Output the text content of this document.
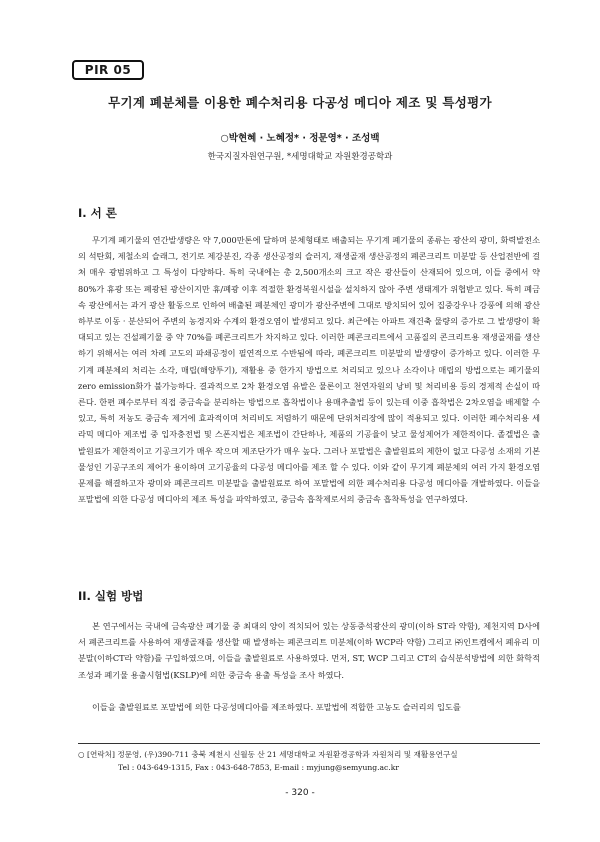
PIR 05
무기계 폐분체를 이용한 폐수처리용 다공성 메디아 제조 및 특성평가
○박현혜 · 노혜정* · 정문영* · 조성백
한국지질자원연구원, *세명대학교 자원환경공학과
I. 서 론

무기계 폐기물의 연간발생량은 약 7,000만톤에 달하며 분체형태로 배출되는 무기계 폐기물의 종류는 광산의 광미, 화력발전소의 석탄회, 제철소의 슬래그, 전기로 제강분진, 각종 생산공정의 슬러지, 재생골재 생산공정의 폐콘크리트 미분말 등 산업전반에 걸쳐 매우 광범위하고 그 특성이 다양하다. 특히 국내에는 총 2,500개소의 크고 작은 광산들이 산재되어 있으며, 이들 중에서 약 80%가 휴광 또는 폐광된 광산이지만 휴/폐광 이후 적절한 환경복원시설을 설치하지 않아 주변 생태계가 위협받고 있다. 특히 폐금속 광산에서는 과거 광산 활동으로 인하여 배출된 폐분체인 광미가 광산주변에 그대로 방치되어 있어 집중강우나 강풍에 의해 광산하부로 이동 · 분산되어 주변의 농경지와 수계의 환경오염이 발생되고 있다. 최근에는 아파트 재건축 물량의 증가로 그 발생량이 확대되고 있는 건설폐기물 중 약 70%를 폐콘크리트가 차지하고 있다. 이러한 폐콘크리트에서 고품질의 콘크리트용 재생골재를 생산하기 위해서는 여러 차례 고도의 파쇄공정이 필연적으로 수반됨에 따라, 폐콘크리트 미분말의 발생량이 증가하고 있다. 이러한 무기계 폐분체의 처리는 소각, 매립(해양투기), 재활용 중 한가지 방법으로 처리되고 있으나 소각이나 매립의 방법으로는 폐기물의 zero emission화가 불가능하다. 결과적으로 2차 환경오염 유발은 물론이고 천연자원의 낭비 및 처리비용 등의 경제적 손실이 따른다. 한편 폐수로부터 직접 중금속을 분리하는 방법으로 흡착법이나 용매추출법 등이 있는데 이중 흡착법은 2차오염을 배제할 수 있고, 특히 저농도 중금속 제거에 효과적이며 처리비도 저렴하기 때문에 단위처리장에 많이 적용되고 있다. 이러한 폐수처리용 세라믹 메디아 제조법 중 입자충전법 및 스폰지법은 제조법이 간단하나, 제품의 기공율이 낮고 물성제어가 제한적이다. 졸겔법은 출발원료가 제한적이고 기공크기가 매우 작으며 제조단가가 매우 높다. 그러나 포말법은 출발원료의 제한이 없고 다공성 소재의 기본 물성인 기공구조의 제어가 용이하며 고기공율의 다공성 메디아를 제조 할 수 있다. 이와 같이 무기계 폐분체의 여러 가지 환경오염문제를 해결하고자 광미와 폐콘크리트 미분말을 출발원료로 하여 포말법에 의한 폐수처리용 다공성 메디아를 개발하였다. 이들을 포말법에 의한 다공성 메디아의 제조 특성을 파악하였고, 중금속 흡착제로서의 중금속 흡착특성을 연구하였다.

II. 실험 방법

본 연구에서는 국내에 금속광산 폐기물 중 최대의 양이 적치되어 있는 상동중석광산의 광미(이하 ST라 약함), 제천지역 D사에서 폐콘크리트를 사용하여 재생골재를 생산할 때 발생하는 폐콘크리트 미분체(이하 WCP라 약함) 그리고 ㈜인트켐에서 폐유리 미분말(이하CT라 약함)를 구입하였으며, 이들을 출발원료로 사용하였다. 먼저, ST, WCP 그리고 CT의 습식분석방법에 의한 화학적 조성과 폐기물 용출시험법(KSLP)에 의한 중금속 용출 특성을 조사 하였다.

이들을 출발원료로 포말법에 의한 다공성메디아를 제조하였다. 포말법에 적합한 고농도 슬러리의 입도를

○ [연락처] 정문영, (우)390-711 충북 제천시 신월동 산 21 세명대학교 자원환경공학과 자원처리 및 재활용연구실
Tel : 043-649-1315, Fax : 043-648-7853, E-mail : myjung@semyung.ac.kr
- 320 -
